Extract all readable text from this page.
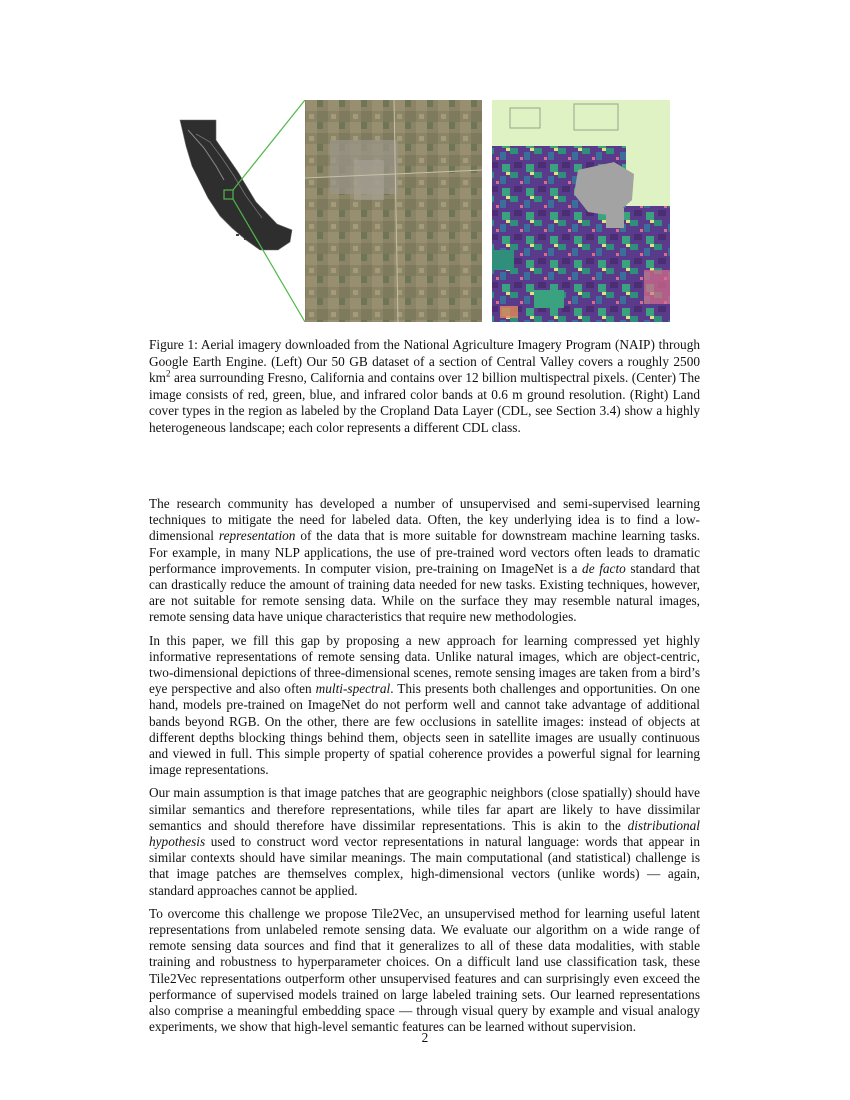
Figure 1: Aerial imagery downloaded from the National Agriculture Imagery Program (NAIP) through Google Earth Engine. (Left) Our 50 GB dataset of a section of Central Valley covers a roughly 2500 $km^2$ area surrounding Fresno, California and contains over 12 billion multispectral pixels. (Center) The image consists of red, green, blue, and infrared color bands at 0.6 m ground resolution. (Right) Land cover types in the region as labeled by the Cropland Data Layer (CDL, see Section 3.4) show a highly heterogeneous landscape; each color represents a different CDL class.

The research community has developed a number of unsupervised and semi-supervised learning techniques to mitigate the need for labeled data. Often, the key underlying idea is to find a low-dimensional representation of the data that is more suitable for downstream machine learning tasks. For example, in many NLP applications, the use of pre-trained word vectors often leads to dramatic performance improvements. In computer vision, pre-training on ImageNet is a de facto standard that can drastically reduce the amount of training data needed for new tasks. Existing techniques, however, are not suitable for remote sensing data. While on the surface they may resemble natural images, remote sensing data have unique characteristics that require new methodologies.

In this paper, we fill this gap by proposing a new approach for learning compressed yet highly informative representations of remote sensing data. Unlike natural images, which are object-centric, two-dimensional depictions of three-dimensional scenes, remote sensing images are taken from a bird’s eye perspective and also often multi-spectral. This presents both challenges and opportunities. On one hand, models pre-trained on ImageNet do not perform well and cannot take advantage of additional bands beyond RGB. On the other, there are few occlusions in satellite images: instead of objects at different depths blocking things behind them, objects seen in satellite images are usually continuous and viewed in full. This simple property of spatial coherence provides a powerful signal for learning image representations.

Our main assumption is that image patches that are geographic neighbors (close spatially) should have similar semantics and therefore representations, while tiles far apart are likely to have dissimilar semantics and should therefore have dissimilar representations. This is akin to the distributional hypothesis used to construct word vector representations in natural language: words that appear in similar contexts should have similar meanings. The main computational (and statistical) challenge is that image patches are themselves complex, high-dimensional vectors (unlike words) — again, standard approaches cannot be applied.

To overcome this challenge we propose Tile2Vec, an unsupervised method for learning useful latent representations from unlabeled remote sensing data. We evaluate our algorithm on a wide range of remote sensing data sources and find that it generalizes to all of these data modalities, with stable training and robustness to hyperparameter choices. On a difficult land use classification task, these Tile2Vec representations outperform other unsupervised features and can surprisingly even exceed the performance of supervised models trained on large labeled training sets. Our learned representations also comprise a meaningful embedding space — through visual query by example and visual analogy experiments, we show that high-level semantic features can be learned without supervision.

2
